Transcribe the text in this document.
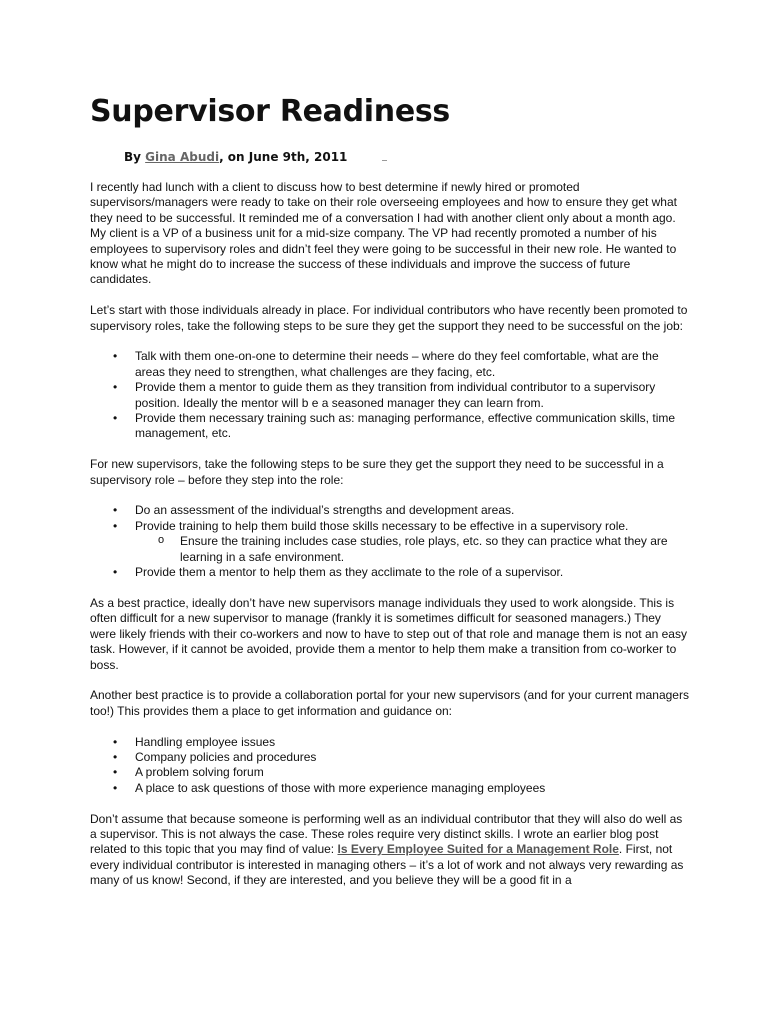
Supervisor Readiness
By Gina Abudi, on June 9th, 2011

I recently had lunch with a client to discuss how to best determine if newly hired or promoted supervisors/managers were ready to take on their role overseeing employees and how to ensure they get what they need to be successful. It reminded me of a conversation I had with another client only about a month ago. My client is a VP of a business unit for a mid-size company. The VP had recently promoted a number of his employees to supervisory roles and didn’t feel they were going to be successful in their new role. He wanted to know what he might do to increase the success of these individuals and improve the success of future candidates.

Let’s start with those individuals already in place. For individual contributors who have recently been promoted to supervisory roles, take the following steps to be sure they get the support they need to be successful on the job:

• Talk with them one-on-one to determine their needs – where do they feel comfortable, what are the areas they need to strengthen, what challenges are they facing, etc.
• Provide them a mentor to guide them as they transition from individual contributor to a supervisory position. Ideally the mentor will b e a seasoned manager they can learn from.
• Provide them necessary training such as: managing performance, effective communication skills, time management, etc.

For new supervisors, take the following steps to be sure they get the support they need to be successful in a supervisory role – before they step into the role:

• Do an assessment of the individual’s strengths and development areas.
• Provide training to help them build those skills necessary to be effective in a supervisory role.
o Ensure the training includes case studies, role plays, etc. so they can practice what they are learning in a safe environment.
• Provide them a mentor to help them as they acclimate to the role of a supervisor.

As a best practice, ideally don’t have new supervisors manage individuals they used to work alongside. This is often difficult for a new supervisor to manage (frankly it is sometimes difficult for seasoned managers.) They were likely friends with their co-workers and now to have to step out of that role and manage them is not an easy task. However, if it cannot be avoided, provide them a mentor to help them make a transition from co-worker to boss.

Another best practice is to provide a collaboration portal for your new supervisors (and for your current managers too!) This provides them a place to get information and guidance on:

• Handling employee issues
• Company policies and procedures
• A problem solving forum
• A place to ask questions of those with more experience managing employees

Don’t assume that because someone is performing well as an individual contributor that they will also do well as a supervisor. This is not always the case. These roles require very distinct skills. I wrote an earlier blog post related to this topic that you may find of value: Is Every Employee Suited for a Management Role. First, not every individual contributor is interested in managing others – it’s a lot of work and not always very rewarding as many of us know! Second, if they are interested, and you believe they will be a good fit in a
